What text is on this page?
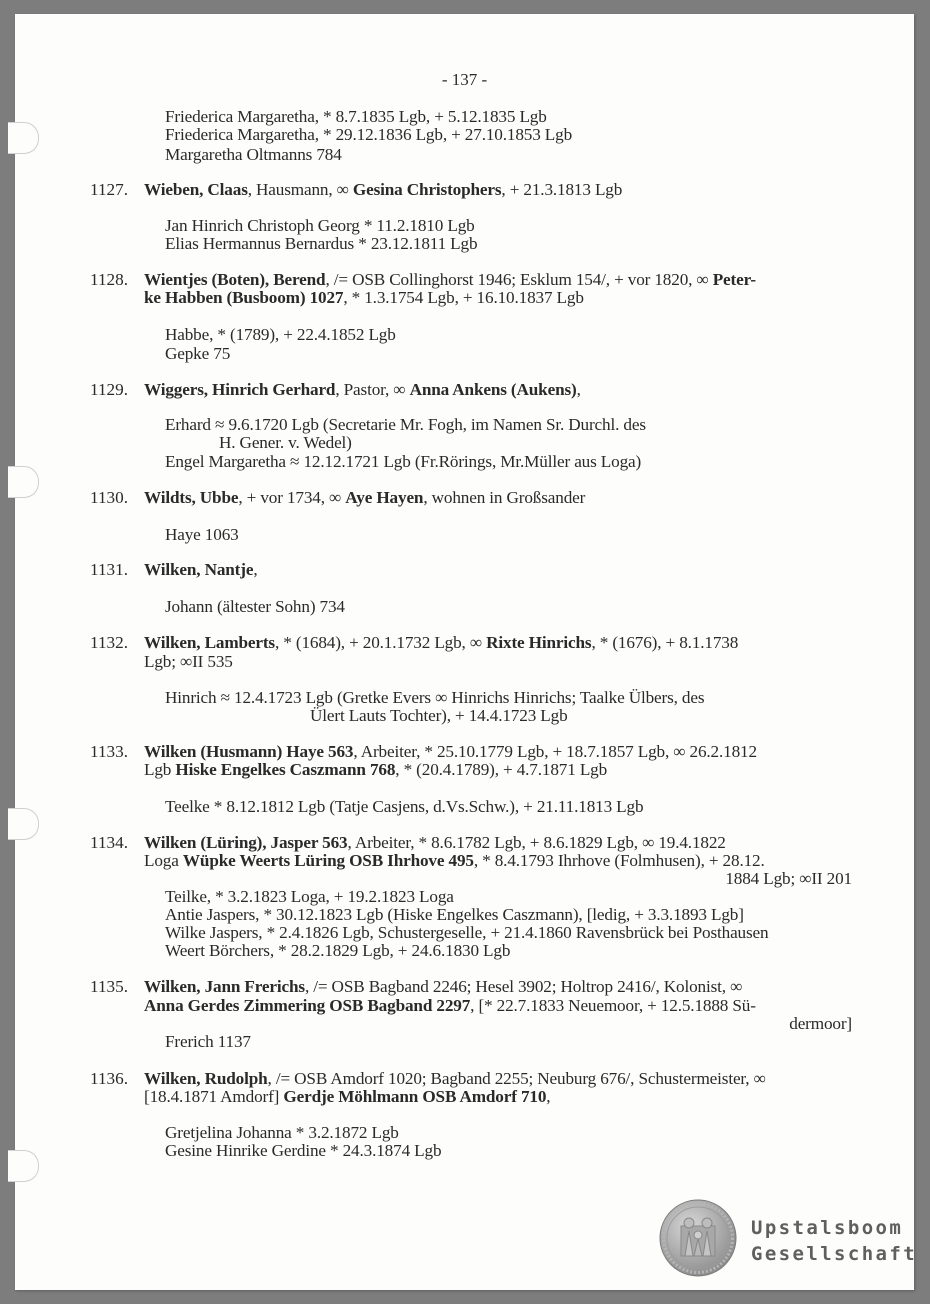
- 137 -
Friederica Margaretha, * 8.7.1835 Lgb, + 5.12.1835 Lgb
Friederica Margaretha, * 29.12.1836 Lgb, + 27.10.1853 Lgb
Margaretha Oltmanns 784
1127. Wieben, Claas, Hausmann, ∞ Gesina Christophers, + 21.3.1813 Lgb
Jan Hinrich Christoph Georg * 11.2.1810 Lgb
Elias Hermannus Bernardus * 23.12.1811 Lgb
1128. Wientjes (Boten), Berend, /= OSB Collinghorst 1946; Esklum 154/, + vor 1820, ∞ Peter-
ke Habben (Busboom) 1027, * 1.3.1754 Lgb, + 16.10.1837 Lgb
Habbe, * (1789), + 22.4.1852 Lgb
Gepke 75
1129. Wiggers, Hinrich Gerhard, Pastor, ∞ Anna Ankens (Aukens),
Erhard ≈ 9.6.1720 Lgb (Secretarie Mr. Fogh, im Namen Sr. Durchl. des
H. Gener. v. Wedel)
Engel Margaretha ≈ 12.12.1721 Lgb (Fr.Rörings, Mr.Müller aus Loga)
1130. Wildts, Ubbe, + vor 1734, ∞ Aye Hayen, wohnen in Großsander
Haye 1063
1131. Wilken, Nantje,
Johann (ältester Sohn) 734
1132. Wilken, Lamberts, * (1684), + 20.1.1732 Lgb, ∞ Rixte Hinrichs, * (1676), + 8.1.1738
Lgb; ∞II 535
Hinrich ≈ 12.4.1723 Lgb (Gretke Evers ∞ Hinrichs Hinrichs; Taalke Ülbers, des
Ülert Lauts Tochter), + 14.4.1723 Lgb
1133. Wilken (Husmann) Haye 563, Arbeiter, * 25.10.1779 Lgb, + 18.7.1857 Lgb, ∞ 26.2.1812
Lgb Hiske Engelkes Caszmann 768, * (20.4.1789), + 4.7.1871 Lgb
Teelke * 8.12.1812 Lgb (Tatje Casjens, d.Vs.Schw.), + 21.11.1813 Lgb
1134. Wilken (Lüring), Jasper 563, Arbeiter, * 8.6.1782 Lgb, + 8.6.1829 Lgb, ∞ 19.4.1822
Loga Wüpke Weerts Lüring OSB Ihrhove 495, * 8.4.1793 Ihrhove (Folmhusen), + 28.12.
1884 Lgb; ∞II 201
Teilke, * 3.2.1823 Loga, + 19.2.1823 Loga
Antie Jaspers, * 30.12.1823 Lgb (Hiske Engelkes Caszmann), [ledig, + 3.3.1893 Lgb]
Wilke Jaspers, * 2.4.1826 Lgb, Schustergeselle, + 21.4.1860 Ravensbrück bei Posthausen
Weert Börchers, * 28.2.1829 Lgb, + 24.6.1830 Lgb
1135. Wilken, Jann Frerichs, /= OSB Bagband 2246; Hesel 3902; Holtrop 2416/, Kolonist, ∞
Anna Gerdes Zimmering OSB Bagband 2297, [* 22.7.1833 Neuemoor, + 12.5.1888 Sü-
dermoor]
Frerich 1137
1136. Wilken, Rudolph, /= OSB Amdorf 1020; Bagband 2255; Neuburg 676/, Schustermeister, ∞
[18.4.1871 Amdorf] Gerdje Möhlmann OSB Amdorf 710,
Gretjelina Johanna * 3.2.1872 Lgb
Gesine Hinrike Gerdine * 24.3.1874 Lgb
Upstalsboom
Gesellschaft
